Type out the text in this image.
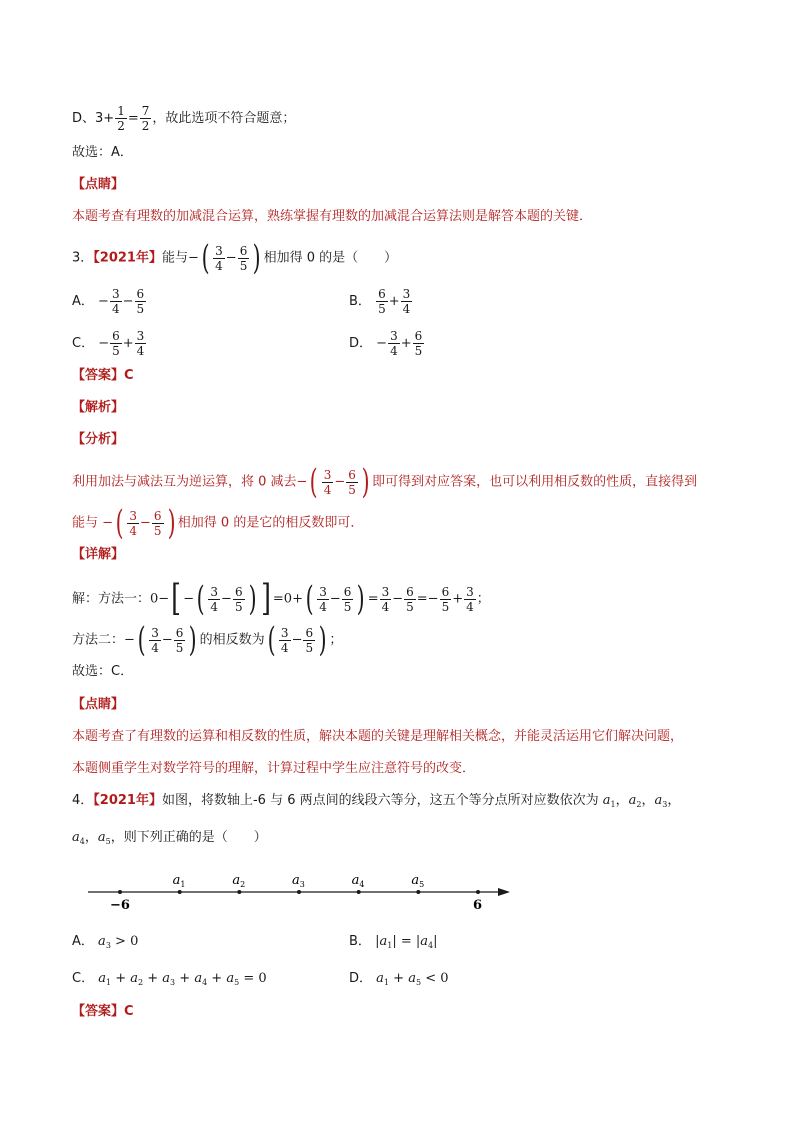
D、$3+ \frac{1}{2} = \frac{7}{2}$ ，故此选项不符合题意；
故选：A．
【点睛】
本题考查有理数的加减混合运算，熟练掌握有理数的加减混合运算法则是解答本题的关键．
3．【2021年】能与−( $\frac{3}{4} - \frac{6}{5}$ ) 相加得 0 的是（　　）
A． − $\frac{3}{4} - \frac{6}{5}$	B． $\frac{6}{5} + \frac{3}{4}$
C． − $\frac{6}{5} + \frac{3}{4}$	D． − $\frac{3}{4} + \frac{6}{5}$
【答案】C
【解析】
【分析】
利用加法与减法互为逆运算，将 0 减去−( $\frac{3}{4} - \frac{6}{5}$ ) 即可得到对应答案，也可以利用相反数的性质，直接得到
能与 −( $\frac{3}{4} - \frac{6}{5}$ ) 相加得 0 的是它的相反数即可．
【详解】
解：方法一：0−[ −( $\frac{3}{4} - \frac{6}{5}$ ) ] $=0+( \frac{3}{4} - \frac{6}{5}$ ) = $\frac{3}{4} - \frac{6}{5} =- \frac{6}{5} + \frac{3}{4}$ ；
方法二：−( $\frac{3}{4} - \frac{6}{5}$ ) 的相反数为( $\frac{3}{4} - \frac{6}{5}$ ) ；
故选：C．
【点睛】
本题考查了有理数的运算和相反数的性质，解决本题的关键是理解相关概念，并能灵活运用它们解决问题，
本题侧重学生对数学符号的理解，计算过程中学生应注意符号的改变．
4．【2021年】如图，将数轴上-6 与 6 两点间的线段六等分，这五个等分点所对应数依次为 $a_1$，$a_2$，$a_3$，
$a_4$，$a_5$，则下列正确的是（　　）
$a_1$	$a_2$	$a_3$	$a_4$	$a_5$
−6	6
A． $a_3 > 0$	B． $|a_1| = |a_4|$
C． $a_1 + a_2 + a_3 + a_4 + a_5 = 0$	D． $a_1 + a_5 < 0$
【答案】C
